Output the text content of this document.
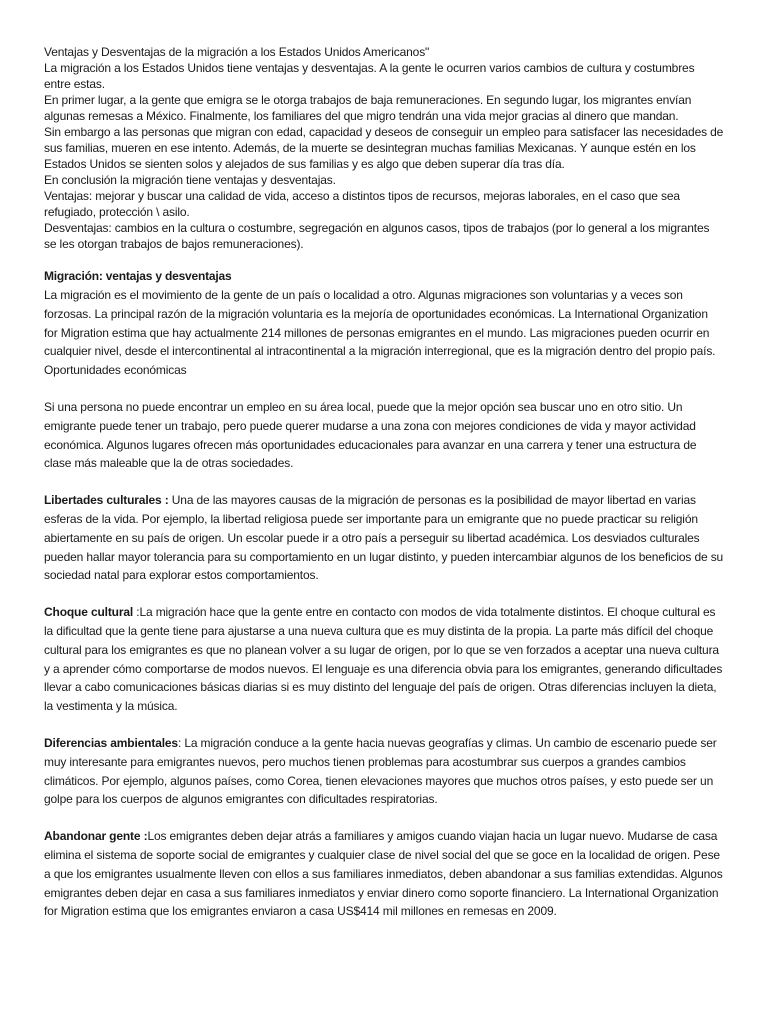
Ventajas y Desventajas de la migración a los Estados Unidos Americanos"

La migración a los Estados Unidos tiene ventajas y desventajas. A la gente le ocurren varios cambios de cultura y costumbres entre estas.

En primer lugar, a la gente que emigra se le otorga trabajos de baja remuneraciones. En segundo lugar, los migrantes envían algunas remesas a México. Finalmente, los familiares del que migro tendrán una vida mejor gracias al dinero que mandan.

Sin embargo a las personas que migran con edad, capacidad y deseos de conseguir un empleo para satisfacer las necesidades de sus familias, mueren en ese intento. Además, de la muerte se desintegran muchas familias Mexicanas. Y aunque estén en los Estados Unidos se sienten solos y alejados de sus familias y es algo que deben superar día tras día.

En conclusión la migración tiene ventajas y desventajas.

Ventajas: mejorar y buscar una calidad de vida, acceso a distintos tipos de recursos, mejoras laborales, en el caso que sea refugiado, protección \ asilo.

Desventajas: cambios en la cultura o costumbre, segregación en algunos casos, tipos de trabajos (por lo general a los migrantes se les otorgan trabajos de bajos remuneraciones).

Migración: ventajas y desventajas

La migración es el movimiento de la gente de un país o localidad a otro. Algunas migraciones son voluntarias y a veces son forzosas. La principal razón de la migración voluntaria es la mejoría de oportunidades económicas. La International Organization for Migration estima que hay actualmente 214 millones de personas emigrantes en el mundo. Las migraciones pueden ocurrir en cualquier nivel, desde el intercontinental al intracontinental a la migración interregional, que es la migración dentro del propio país.

Oportunidades económicas

Si una persona no puede encontrar un empleo en su área local, puede que la mejor opción sea buscar uno en otro sitio. Un emigrante puede tener un trabajo, pero puede querer mudarse a una zona con mejores condiciones de vida y mayor actividad económica. Algunos lugares ofrecen más oportunidades educacionales para avanzar en una carrera y tener una estructura de clase más maleable que la de otras sociedades.

Libertades culturales : Una de las mayores causas de la migración de personas es la posibilidad de mayor libertad en varias esferas de la vida. Por ejemplo, la libertad religiosa puede ser importante para un emigrante que no puede practicar su religión abiertamente en su país de origen. Un escolar puede ir a otro país a perseguir su libertad académica. Los desviados culturales pueden hallar mayor tolerancia para su comportamiento en un lugar distinto, y pueden intercambiar algunos de los beneficios de su sociedad natal para explorar estos comportamientos.

Choque cultural :La migración hace que la gente entre en contacto con modos de vida totalmente distintos. El choque cultural es la dificultad que la gente tiene para ajustarse a una nueva cultura que es muy distinta de la propia. La parte más difícil del choque cultural para los emigrantes es que no planean volver a su lugar de origen, por lo que se ven forzados a aceptar una nueva cultura y a aprender cómo comportarse de modos nuevos. El lenguaje es una diferencia obvia para los emigrantes, generando dificultades llevar a cabo comunicaciones básicas diarias si es muy distinto del lenguaje del país de origen. Otras diferencias incluyen la dieta, la vestimenta y la música.

Diferencias ambientales: La migración conduce a la gente hacia nuevas geografías y climas. Un cambio de escenario puede ser muy interesante para emigrantes nuevos, pero muchos tienen problemas para acostumbrar sus cuerpos a grandes cambios climáticos. Por ejemplo, algunos países, como Corea, tienen elevaciones mayores que muchos otros países, y esto puede ser un golpe para los cuerpos de algunos emigrantes con dificultades respiratorias.

Abandonar gente :Los emigrantes deben dejar atrás a familiares y amigos cuando viajan hacia un lugar nuevo. Mudarse de casa elimina el sistema de soporte social de emigrantes y cualquier clase de nivel social del que se goce en la localidad de origen. Pese a que los emigrantes usualmente lleven con ellos a sus familiares inmediatos, deben abandonar a sus familias extendidas. Algunos emigrantes deben dejar en casa a sus familiares inmediatos y enviar dinero como soporte financiero. La International Organization for Migration estima que los emigrantes enviaron a casa US$414 mil millones en remesas en 2009.
